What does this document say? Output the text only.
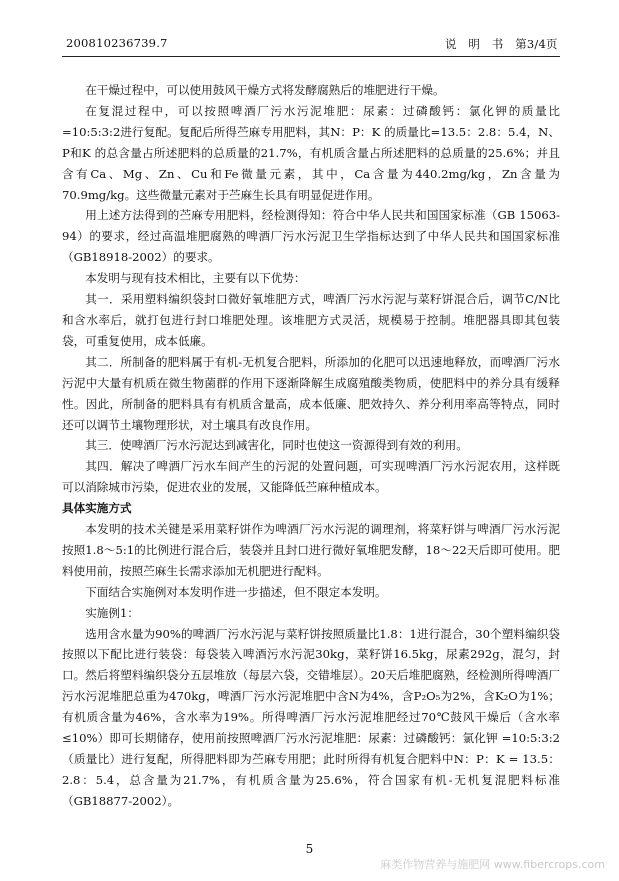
200810236739.7	说　明　书　第3/4页

在干燥过程中，可以使用鼓风干燥方式将发酵腐熟后的堆肥进行干燥。

在复混过程中，可以按照啤酒厂污水污泥堆肥：尿素：过磷酸钙：氯化钾的质量比=10:5:3:2进行复配。复配后所得苎麻专用肥料，其N：P：K 的质量比=13.5：2.8：5.4，N、P和K 的总含量占所述肥料的总质量的21.7%，有机质含量占所述肥料的总质量的25.6%；并且含有Ca、Mg、Zn、Cu和Fe微量元素，其中，Ca含量为440.2mg/kg，Zn含量为70.9mg/kg。这些微量元素对于苎麻生长具有明显促进作用。

用上述方法得到的苎麻专用肥料，经检测得知：符合中华人民共和国国家标准（GB 15063-94）的要求，经过高温堆肥腐熟的啤酒厂污水污泥卫生学指标达到了中华人民共和国国家标准（GB18918-2002）的要求。

本发明与现有技术相比，主要有以下优势：

其一．采用塑料编织袋封口微好氧堆肥方式，啤酒厂污水污泥与菜籽饼混合后，调节C/N比和含水率后，就打包进行封口堆肥处理。该堆肥方式灵活，规模易于控制。堆肥器具即其包装袋，可重复使用，成本低廉。

其二．所制备的肥料属于有机-无机复合肥料，所添加的化肥可以迅速地释放，而啤酒厂污水污泥中大量有机质在微生物菌群的作用下逐渐降解生成腐殖酸类物质，使肥料中的养分具有缓释性。因此，所制备的肥料具有有机质含量高，成本低廉、肥效持久、养分利用率高等特点，同时还可以调节土壤物理形状，对土壤具有改良作用。

其三．使啤酒厂污水污泥达到减害化，同时也使这一资源得到有效的利用。

其四．解决了啤酒厂污水车间产生的污泥的处置问题，可实现啤酒厂污水污泥农用，这样既可以消除城市污染，促进农业的发展，又能降低苎麻种植成本。

具体实施方式

本发明的技术关键是采用菜籽饼作为啤酒厂污水污泥的调理剂，将菜籽饼与啤酒厂污水污泥按照1.8～5:1的比例进行混合后，装袋并且封口进行微好氧堆肥发酵，18～22天后即可使用。肥料使用前，按照苎麻生长需求添加无机肥进行配料。

下面结合实施例对本发明作进一步描述，但不限定本发明。

实施例1：

选用含水量为90%的啤酒厂污水污泥与菜籽饼按照质量比1.8：1进行混合，30个塑料编织袋按照以下配比进行装袋：每袋装入啤酒污水污泥30kg，菜籽饼16.5kg，尿素292g，混匀，封口。然后将塑料编织袋分五层堆放（每层六袋，交错堆层）。20天后堆肥腐熟，经检测所得啤酒厂污水污泥堆肥总重为470kg，啤酒厂污水污泥堆肥中含N为4%，含P₂O₅为2%，含K₂O为1%；有机质含量为46%，含水率为19%。所得啤酒厂污水污泥堆肥经过70℃鼓风干燥后（含水率≤10%）即可长期储存，使用前按照啤酒厂污水污泥堆肥：尿素：过磷酸钙：氯化钾 =10:5:3:2（质量比）进行复配，所得肥料即为苎麻专用肥；此时所得有机复合肥料中N：P：K = 13.5：2.8：5.4，总含量为21.7%，有机质含量为25.6%，符合国家有机-无机复混肥料标准（GB18877-2002）。

5
麻类作物营养与施肥网 www.fibercrops.com
